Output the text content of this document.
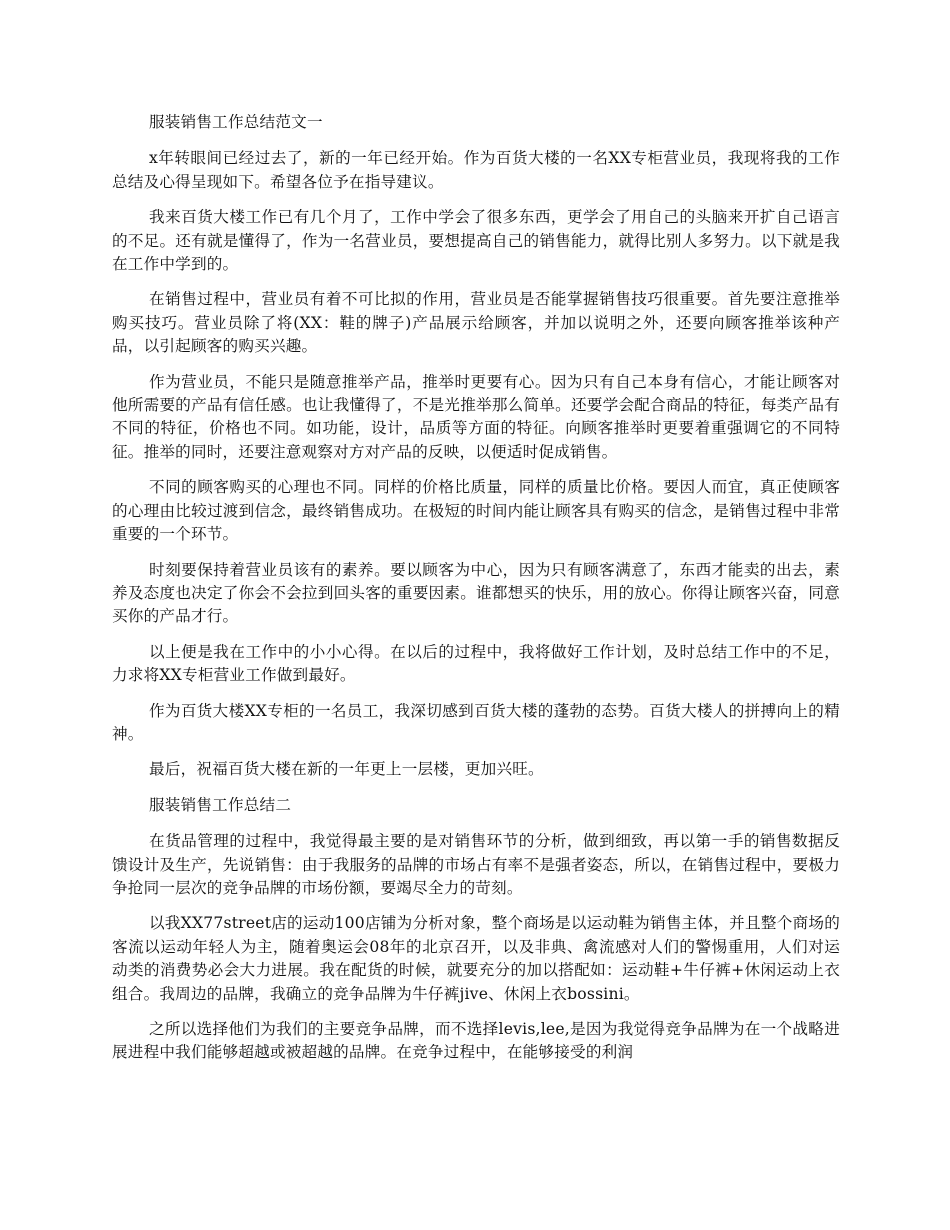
服装销售工作总结范文一

x年转眼间已经过去了，新的一年已经开始。作为百货大楼的一名XX专柜营业员，我现将我的工作总结及心得呈现如下。希望各位予在指导建议。

我来百货大楼工作已有几个月了，工作中学会了很多东西，更学会了用自己的头脑来开扩自己语言的不足。还有就是懂得了，作为一名营业员，要想提高自己的销售能力，就得比别人多努力。以下就是我在工作中学到的。

在销售过程中，营业员有着不可比拟的作用，营业员是否能掌握销售技巧很重要。首先要注意推举购买技巧。营业员除了将(XX：鞋的牌子)产品展示给顾客，并加以说明之外，还要向顾客推举该种产品，以引起顾客的购买兴趣。

作为营业员，不能只是随意推举产品，推举时更要有心。因为只有自己本身有信心，才能让顾客对他所需要的产品有信任感。也让我懂得了，不是光推举那么简单。还要学会配合商品的特征，每类产品有不同的特征，价格也不同。如功能，设计，品质等方面的特征。向顾客推举时更要着重强调它的不同特征。推举的同时，还要注意观察对方对产品的反映，以便适时促成销售。

不同的顾客购买的心理也不同。同样的价格比质量，同样的质量比价格。要因人而宜，真正使顾客的心理由比较过渡到信念，最终销售成功。在极短的时间内能让顾客具有购买的信念，是销售过程中非常重要的一个环节。

时刻要保持着营业员该有的素养。要以顾客为中心，因为只有顾客满意了，东西才能卖的出去，素养及态度也决定了你会不会拉到回头客的重要因素。谁都想买的快乐，用的放心。你得让顾客兴奋，同意买你的产品才行。

以上便是我在工作中的小小心得。在以后的过程中，我将做好工作计划，及时总结工作中的不足，力求将XX专柜营业工作做到最好。

作为百货大楼XX专柜的一名员工，我深切感到百货大楼的蓬勃的态势。百货大楼人的拼搏向上的精神。

最后，祝福百货大楼在新的一年更上一层楼，更加兴旺。

服装销售工作总结二

在货品管理的过程中，我觉得最主要的是对销售环节的分析，做到细致，再以第一手的销售数据反馈设计及生产，先说销售：由于我服务的品牌的市场占有率不是强者姿态，所以，在销售过程中，要极力争抢同一层次的竞争品牌的市场份额，要竭尽全力的苛刻。

以我XX77street店的运动100店铺为分析对象，整个商场是以运动鞋为销售主体，并且整个商场的客流以运动年轻人为主，随着奥运会08年的北京召开，以及非典、禽流感对人们的警惕重用，人们对运动类的消费势必会大力进展。我在配货的时候，就要充分的加以搭配如：运动鞋+牛仔裤+休闲运动上衣组合。我周边的品牌，我确立的竞争品牌为牛仔裤jive、休闲上衣bossini。

之所以选择他们为我们的主要竞争品牌，而不选择levis,lee,是因为我觉得竞争品牌为在一个战略进展进程中我们能够超越或被超越的品牌。在竞争过程中，在能够接受的利润
